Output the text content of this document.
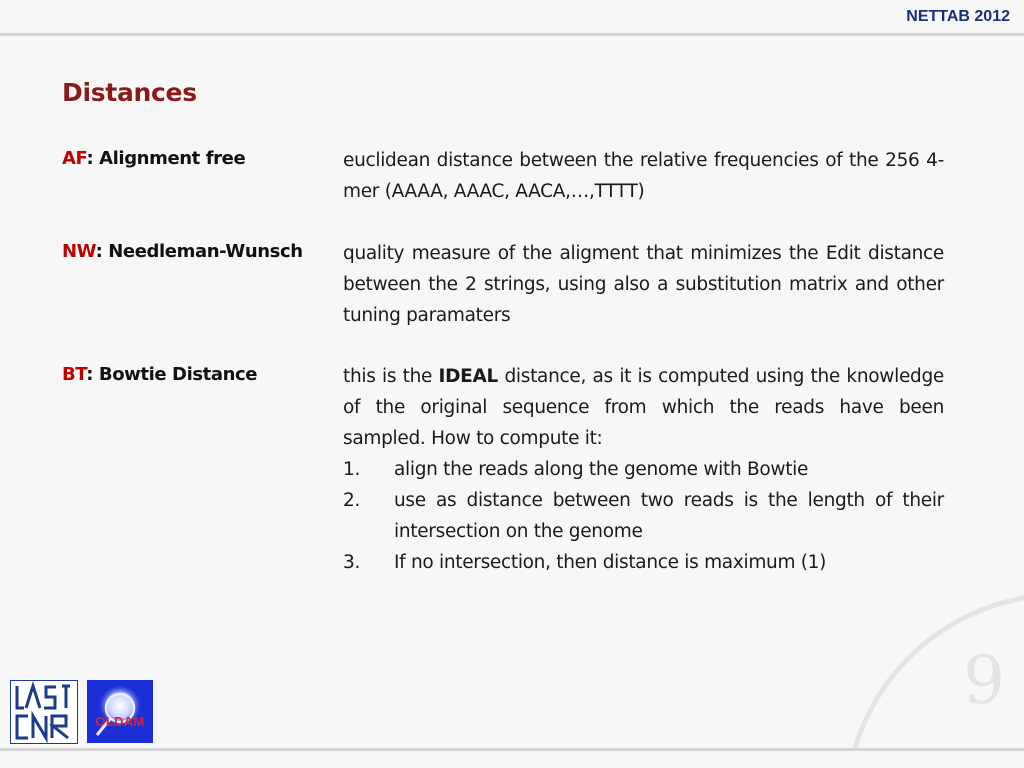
NETTAB 2012
Distances
AF: Alignment free	euclidean distance between the relative frequencies of the 256 4-mer (AAAA, AAAC, AACA,…,TTTT)
NW: Needleman-Wunsch quality measure of the aligment that minimizes the Edit distance between the 2 strings, using also a substitution matrix and other tuning paramaters
BT: Bowtie Distance	this is the IDEAL distance, as it is computed using the knowledge of the original sequence from which the reads have been sampled. How to compute it:
1. align the reads along the genome with Bowtie
2. use as distance between two reads is the length of their intersection on the genome
3. If no intersection, then distance is maximum (1)
9
OLDAM
